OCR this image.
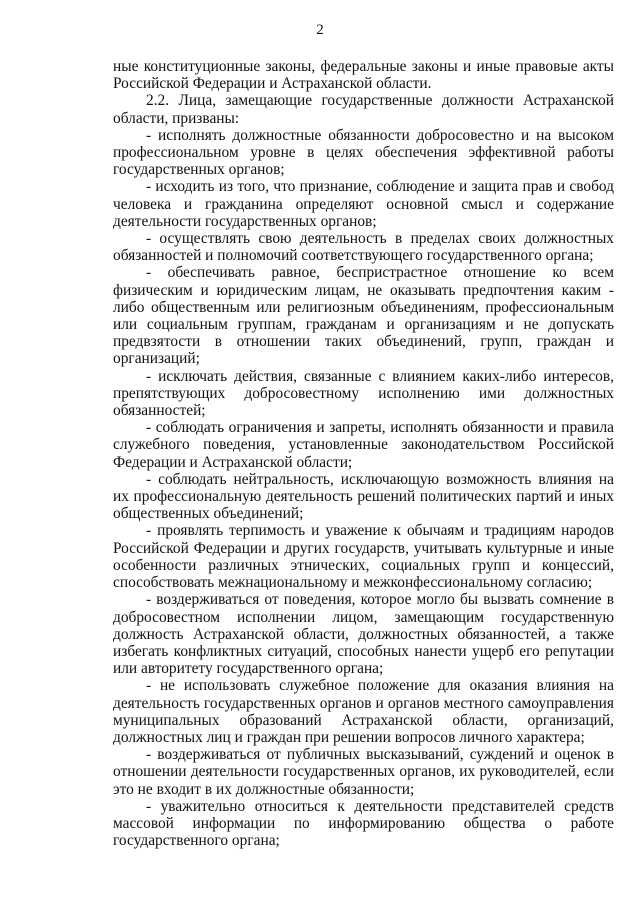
2

ные конституционные законы, федеральные законы и иные правовые акты Российской Федерации и Астраханской области.

2.2. Лица, замещающие государственные должности Астраханской области, призваны:

- исполнять должностные обязанности добросовестно и на высоком профессиональном уровне в целях обеспечения эффективной работы государственных органов;

- исходить из того, что признание, соблюдение и защита прав и свобод человека и гражданина определяют основной смысл и содержание деятельности государственных органов;

- осуществлять свою деятельность в пределах своих должностных обязанностей и полномочий соответствующего государственного органа;

- обеспечивать равное, беспристрастное отношение ко всем физическим и юридическим лицам, не оказывать предпочтения каким - либо общественным или религиозным объединениям, профессиональным или социальным группам, гражданам и организациям и не допускать предвзятости в отношении таких объединений, групп, граждан и организаций;

- исключать действия, связанные с влиянием каких-либо интересов, препятствующих добросовестному исполнению ими должностных обязанностей;

- соблюдать ограничения и запреты, исполнять обязанности и правила служебного поведения, установленные законодательством Российской Федерации и Астраханской области;

- соблюдать нейтральность, исключающую возможность влияния на их профессиональную деятельность решений политических партий и иных общественных объединений;

- проявлять терпимость и уважение к обычаям и традициям народов Российской Федерации и других государств, учитывать культурные и иные особенности различных этнических, социальных групп и концессий, способствовать межнациональному и межконфессиональному согласию;

- воздерживаться от поведения, которое могло бы вызвать сомнение в добросовестном исполнении лицом, замещающим государственную должность Астраханской области, должностных обязанностей, а также избегать конфликтных ситуаций, способных нанести ущерб его репутации или авторитету государственного органа;

- не использовать служебное положение для оказания влияния на деятельность государственных органов и органов местного самоуправления муниципальных образований Астраханской области, организаций, должностных лиц и граждан при решении вопросов личного характера;

- воздерживаться от публичных высказываний, суждений и оценок в отношении деятельности государственных органов, их руководителей, если это не входит в их должностные обязанности;

- уважительно относиться к деятельности представителей средств массовой информации по информированию общества о работе государственного органа;
